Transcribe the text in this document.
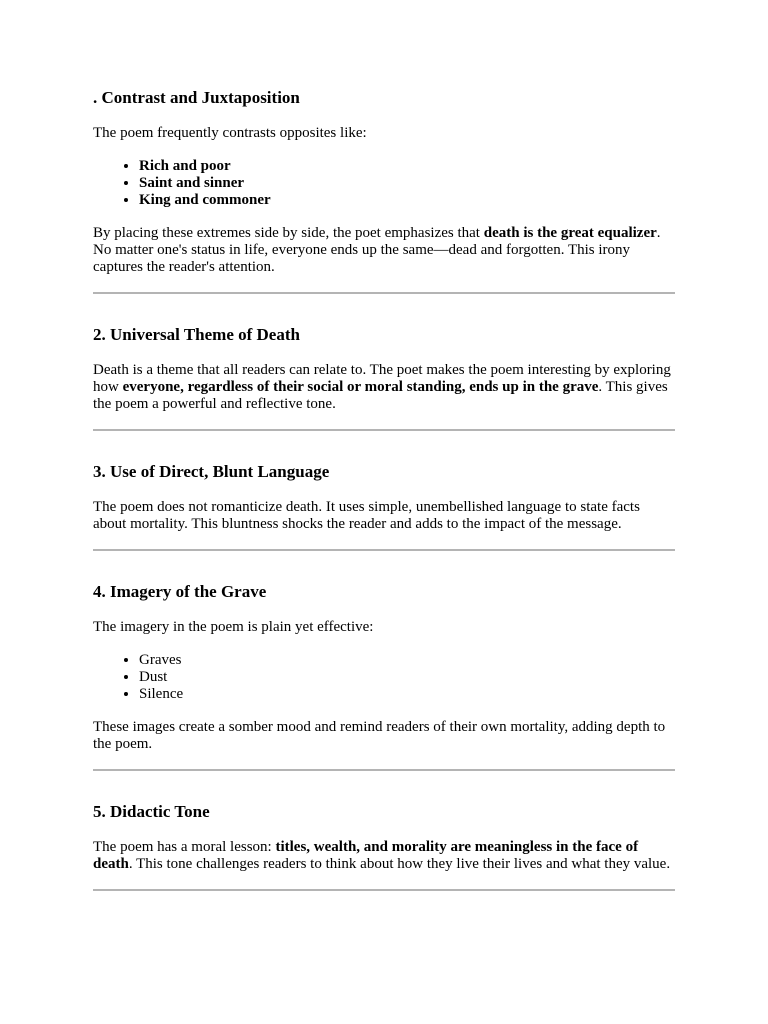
. Contrast and Juxtaposition

The poem frequently contrasts opposites like:

• Rich and poor
• Saint and sinner
• King and commoner

By placing these extremes side by side, the poet emphasizes that death is the great equalizer. No matter one's status in life, everyone ends up the same—dead and forgotten. This irony captures the reader's attention.

2. Universal Theme of Death

Death is a theme that all readers can relate to. The poet makes the poem interesting by exploring how everyone, regardless of their social or moral standing, ends up in the grave. This gives the poem a powerful and reflective tone.

3. Use of Direct, Blunt Language

The poem does not romanticize death. It uses simple, unembellished language to state facts about mortality. This bluntness shocks the reader and adds to the impact of the message.

4. Imagery of the Grave

The imagery in the poem is plain yet effective:

• Graves
• Dust
• Silence

These images create a somber mood and remind readers of their own mortality, adding depth to the poem.

5. Didactic Tone

The poem has a moral lesson: titles, wealth, and morality are meaningless in the face of death. This tone challenges readers to think about how they live their lives and what they value.
